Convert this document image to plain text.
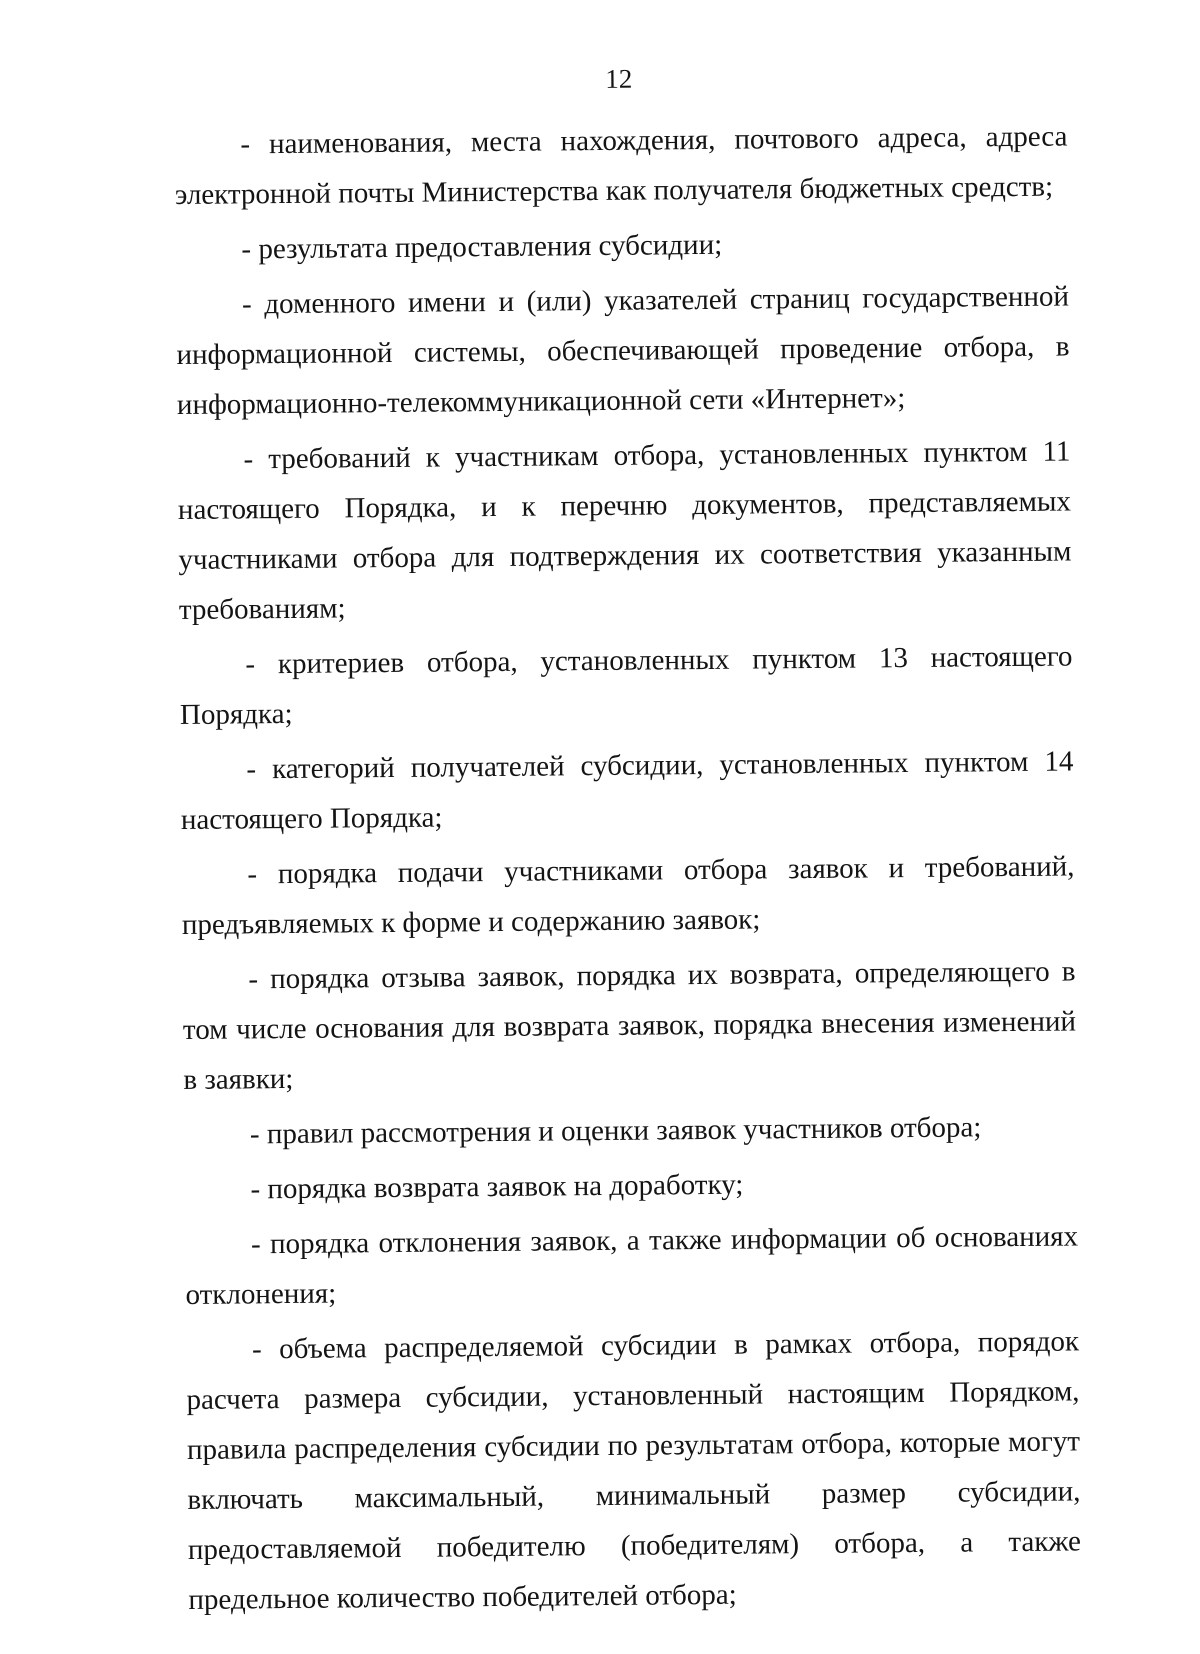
12

- наименования, места нахождения, почтового адреса, адреса электронной почты Министерства как получателя бюджетных средств;

- результата предоставления субсидии;

- доменного имени и (или) указателей страниц государственной информационной системы, обеспечивающей проведение отбора, в информационно-телекоммуникационной сети «Интернет»;

- требований к участникам отбора, установленных пунктом 11 настоящего Порядка, и к перечню документов, представляемых участниками отбора для подтверждения их соответствия указанным требованиям;

- критериев отбора, установленных пунктом 13 настоящего Порядка;

- категорий получателей субсидии, установленных пунктом 14 настоящего Порядка;

- порядка подачи участниками отбора заявок и требований, предъявляемых к форме и содержанию заявок;

- порядка отзыва заявок, порядка их возврата, определяющего в том числе основания для возврата заявок, порядка внесения изменений в заявки;

- правил рассмотрения и оценки заявок участников отбора;

- порядка возврата заявок на доработку;

- порядка отклонения заявок, а также информации об основаниях отклонения;

- объема распределяемой субсидии в рамках отбора, порядок расчета размера субсидии, установленный настоящим Порядком, правила распределения субсидии по результатам отбора, которые могут включать максимальный, минимальный размер субсидии, предоставляемой победителю (победителям) отбора, а также предельное количество победителей отбора;
